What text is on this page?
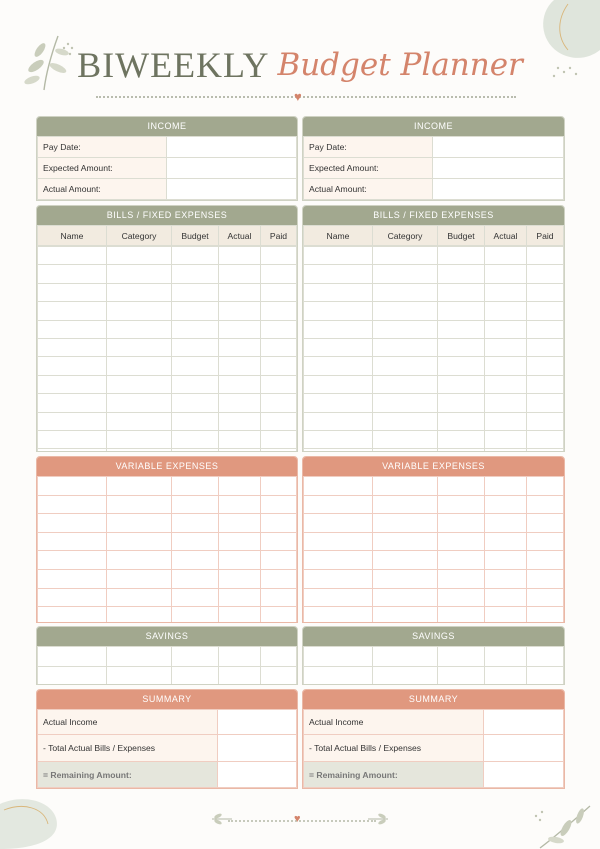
BIWEEKLY Budget Planner
♥
INCOME
Pay Date:	
Expected Amount:	
Actual Amount:	
INCOME
Pay Date:	
Expected Amount:	
Actual Amount:	
BILLS / FIXED EXPENSES
Name	Category	Budget	Actual	Paid

BILLS / FIXED EXPENSES
Name	Category	Budget	Actual	Paid

VARIABLE EXPENSES

					VARIABLE EXPENSES

SAVINGS

					SAVINGS

SUMMARY
Actual Income	
- Total Actual Bills / Expenses	
= Remaining Amount:	
SUMMARY
Actual Income	
- Total Actual Bills / Expenses	
= Remaining Amount:	
♥
